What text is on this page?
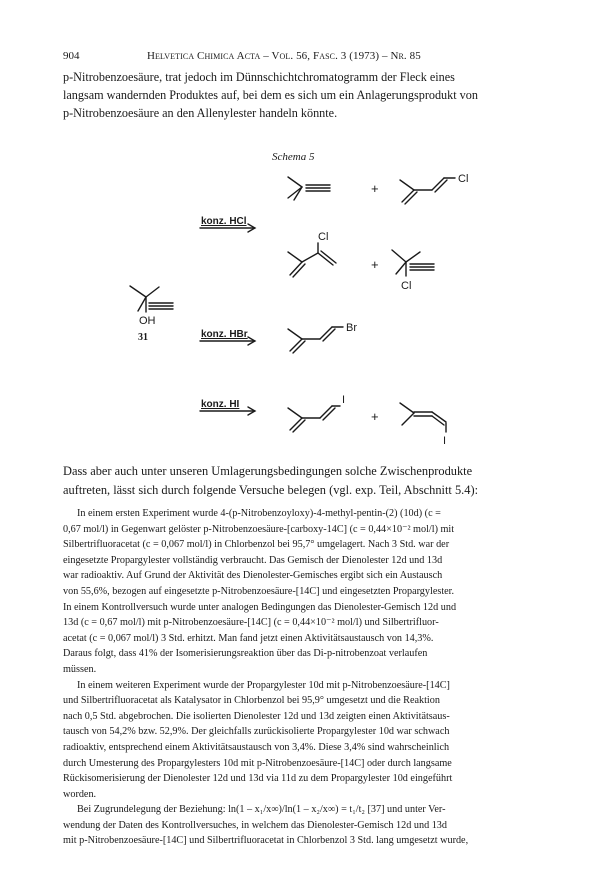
904	Helvetica Chimica Acta – Vol. 56, Fasc. 3 (1973) – Nr. 85
p-Nitrobenzoesäure, trat jedoch im Dünnschichtchromatogramm der Fleck eines
langsam wandernden Produktes auf, bei dem es sich um ein Anlagerungsprodukt von
p-Nitrobenzoesäure an den Allenylester handeln könnte.
Schema 5
OH
31
+
+
+
Cl
Cl
Cl
Br
I
I
konz. HCl
konz. HBr
konz. HI
Dass aber auch unter unseren Umlagerungsbedingungen solche Zwischenprodukte
auftreten, lässt sich durch folgende Versuche belegen (vgl. exp. Teil, Abschnitt 5.4):
In einem ersten Experiment wurde 4-(p-Nitrobenzoyloxy)-4-methyl-pentin-(2) (10d) (c =
0,67 mol/l) in Gegenwart gelöster p-Nitrobenzoesäure-[carboxy-14C] (c = 0,44×10⁻² mol/l) mit
Silbertrifluoracetat (c = 0,067 mol/l) in Chlorbenzol bei 95,7° umgelagert. Nach 3 Std. war der
eingesetzte Propargylester vollständig verbraucht. Das Gemisch der Dienolester 12d und 13d
war radioaktiv. Auf Grund der Aktivität des Dienolester-Gemisches ergibt sich ein Austausch
von 55,6%, bezogen auf eingesetzte p-Nitrobenzoesäure-[14C] und eingesetzten Propargylester.
In einem Kontrollversuch wurde unter analogen Bedingungen das Dienolester-Gemisch 12d und
13d (c = 0,67 mol/l) mit p-Nitrobenzoesäure-[14C] (c = 0,44×10⁻² mol/l) und Silbertrifluor-
acetat (c = 0,067 mol/l) 3 Std. erhitzt. Man fand jetzt einen Aktivitätsaustausch von 14,3%.
Daraus folgt, dass 41% der Isomerisierungsreaktion über das Di-p-nitrobenzoat verlaufen
müssen.
In einem weiteren Experiment wurde der Propargylester 10d mit p-Nitrobenzoesäure-[14C]
und Silbertrifluoracetat als Katalysator in Chlorbenzol bei 95,9° umgesetzt und die Reaktion
nach 0,5 Std. abgebrochen. Die isolierten Dienolester 12d und 13d zeigten einen Aktivitätsaus-
tausch von 54,2% bzw. 52,9%. Der gleichfalls zurückisolierte Propargylester 10d war schwach
radioaktiv, entsprechend einem Aktivitätsaustausch von 3,4%. Diese 3,4% sind wahrscheinlich
durch Umesterung des Propargylesters 10d mit p-Nitrobenzoesäure-[14C] oder durch langsame
Rückisomerisierung der Dienolester 12d und 13d via 11d zu dem Propargylester 10d eingeführt
worden.
Bei Zugrundelegung der Beziehung: ln(1 – x₁/x∞)/ln(1 – x₂/x∞) = t₁/t₂ [37] und unter Ver-
wendung der Daten des Kontrollversuches, in welchem das Dienolester-Gemisch 12d und 13d
mit p-Nitrobenzoesäure-[14C] und Silbertrifluoracetat in Chlorbenzol 3 Std. lang umgesetzt wurde,
